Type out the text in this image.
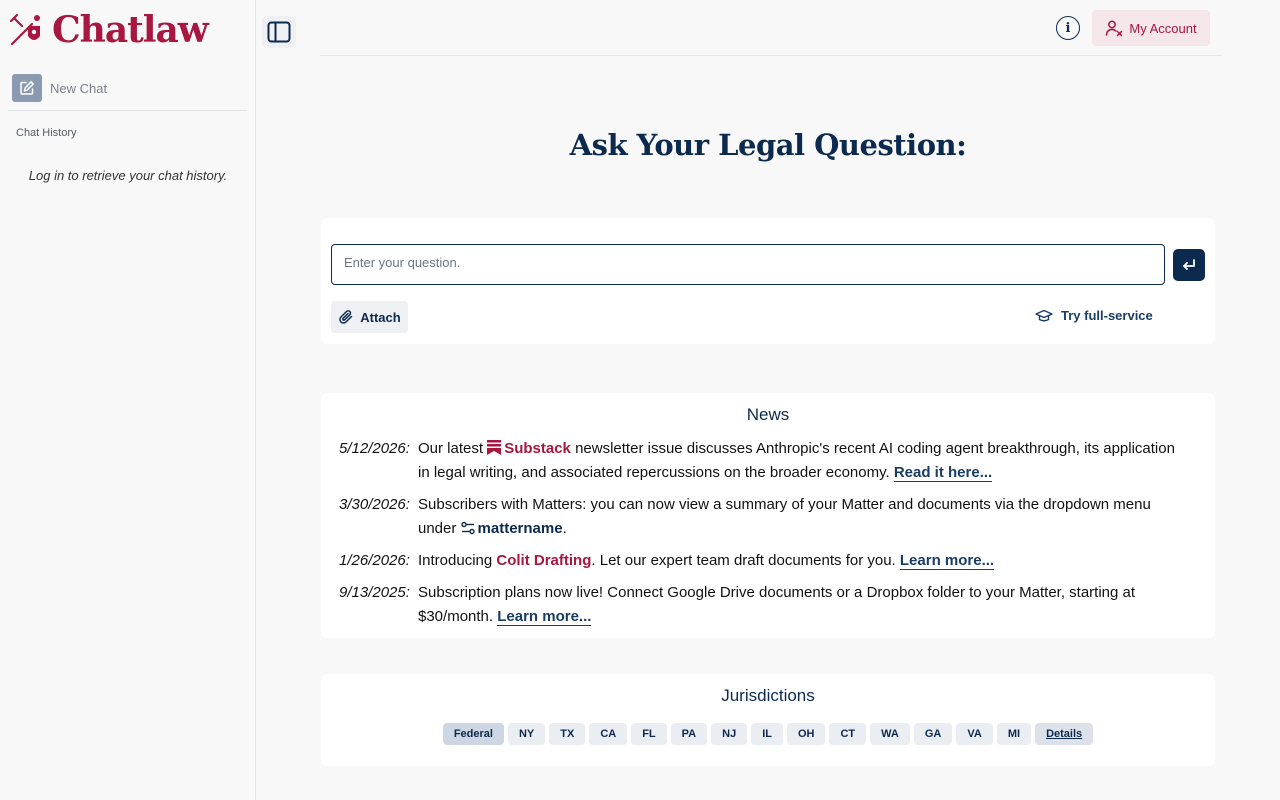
Chatlaw
New Chat
Chat History
Log in to retrieve your chat history.
i	My Account
Ask Your Legal Question:
Enter your question.
Attach	Try full-service
News
5/12/2026: Our latest Substack newsletter issue discusses Anthropic's recent AI coding agent breakthrough, its application in legal writing, and associated repercussions on the broader economy. Read it here...
3/30/2026: Subscribers with Matters: you can now view a summary of your Matter and documents via the dropdown menu under mattername.
1/26/2026: Introducing Colit Drafting. Let our expert team draft documents for you. Learn more...
9/13/2025: Subscription plans now live! Connect Google Drive documents or a Dropbox folder to your Matter, starting at $30/month. Learn more...
Jurisdictions
Federal	NY	TX	CA	FL	PA	NJ	IL	OH	CT	WA	GA	VA	MI	Details
